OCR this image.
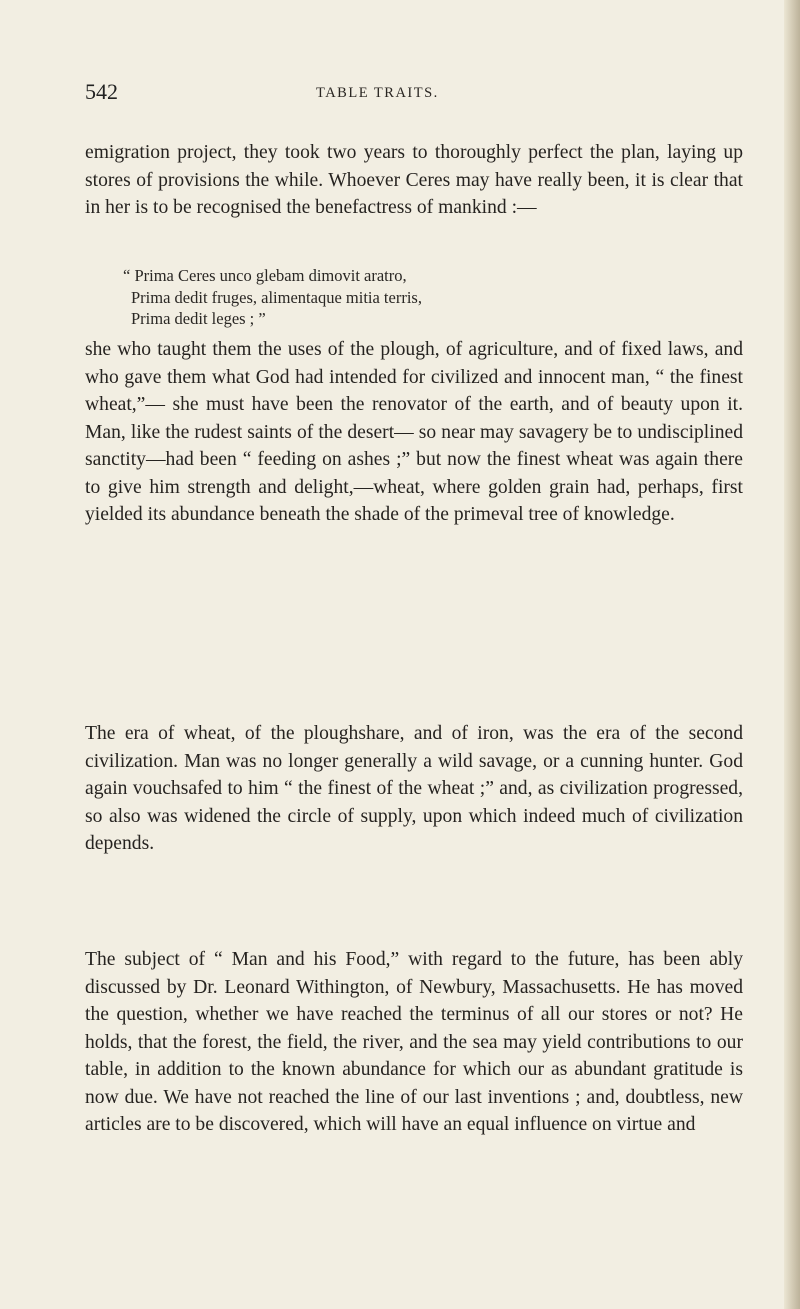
542	TABLE TRAITS.

emigration project, they took two years to thoroughly perfect the plan, laying up stores of provisions the while. Whoever Ceres may have really been, it is clear that in her is to be recognised the benefactress of mankind :—

“ Prima Ceres unco glebam dimovit aratro,
Prima dedit fruges, alimentaque mitia terris,
Prima dedit leges ; ”

she who taught them the uses of the plough, of agriculture, and of fixed laws, and who gave them what God had intended for civilized and innocent man, “ the finest wheat,”— she must have been the renovator of the earth, and of beauty upon it. Man, like the rudest saints of the desert— so near may savagery be to undisciplined sanctity—had been “ feeding on ashes ;” but now the finest wheat was again there to give him strength and delight,—wheat, where golden grain had, perhaps, first yielded its abundance beneath the shade of the primeval tree of knowledge.

The era of wheat, of the ploughshare, and of iron, was the era of the second civilization. Man was no longer generally a wild savage, or a cunning hunter. God again vouchsafed to him “ the finest of the wheat ;” and, as civilization progressed, so also was widened the circle of supply, upon which indeed much of civilization depends.

The subject of “ Man and his Food,” with regard to the future, has been ably discussed by Dr. Leonard Withington, of Newbury, Massachusetts. He has moved the question, whether we have reached the terminus of all our stores or not? He holds, that the forest, the field, the river, and the sea may yield contributions to our table, in addition to the known abundance for which our as abundant gratitude is now due. We have not reached the line of our last inventions ; and, doubtless, new articles are to be discovered, which will have an equal influence on virtue and
